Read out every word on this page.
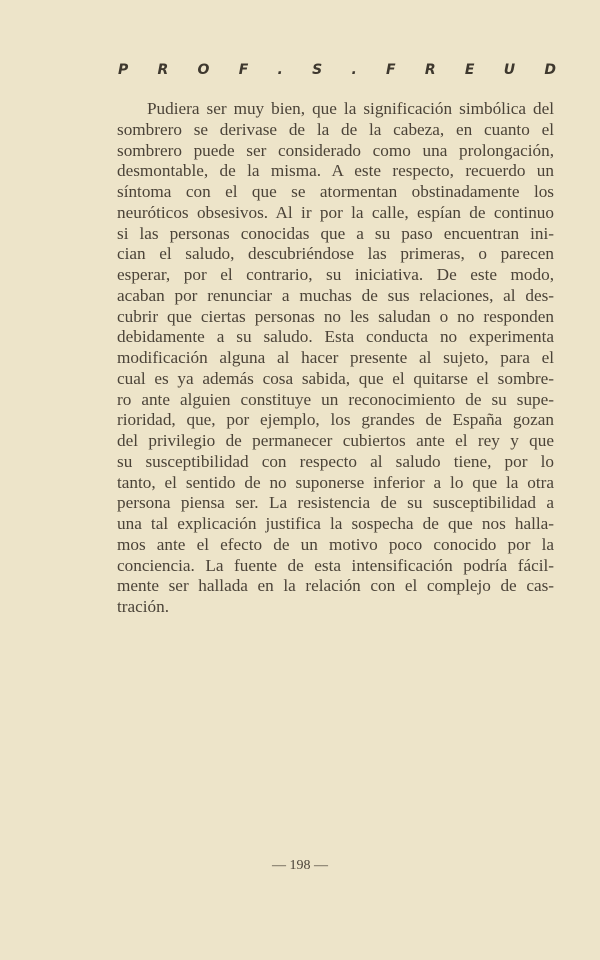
P R O F . S . F R E U D
Pudiera ser muy bien, que la significación simbólica del
sombrero se derivase de la de la cabeza, en cuanto el
sombrero puede ser considerado como una prolongación,
desmontable, de la misma. A este respecto, recuerdo un
síntoma con el que se atormentan obstinadamente los
neuróticos obsesivos. Al ir por la calle, espían de continuo
si las personas conocidas que a su paso encuentran ini-
cian el saludo, descubriéndose las primeras, o parecen
esperar, por el contrario, su iniciativa. De este modo,
acaban por renunciar a muchas de sus relaciones, al des-
cubrir que ciertas personas no les saludan o no responden
debidamente a su saludo. Esta conducta no experimenta
modificación alguna al hacer presente al sujeto, para el
cual es ya además cosa sabida, que el quitarse el sombre-
ro ante alguien constituye un reconocimiento de su supe-
rioridad, que, por ejemplo, los grandes de España gozan
del privilegio de permanecer cubiertos ante el rey y que
su susceptibilidad con respecto al saludo tiene, por lo
tanto, el sentido de no suponerse inferior a lo que la otra
persona piensa ser. La resistencia de su susceptibilidad a
una tal explicación justifica la sospecha de que nos halla-
mos ante el efecto de un motivo poco conocido por la
conciencia. La fuente de esta intensificación podría fácil-
mente ser hallada en la relación con el complejo de cas-
tración.
— 198 —
